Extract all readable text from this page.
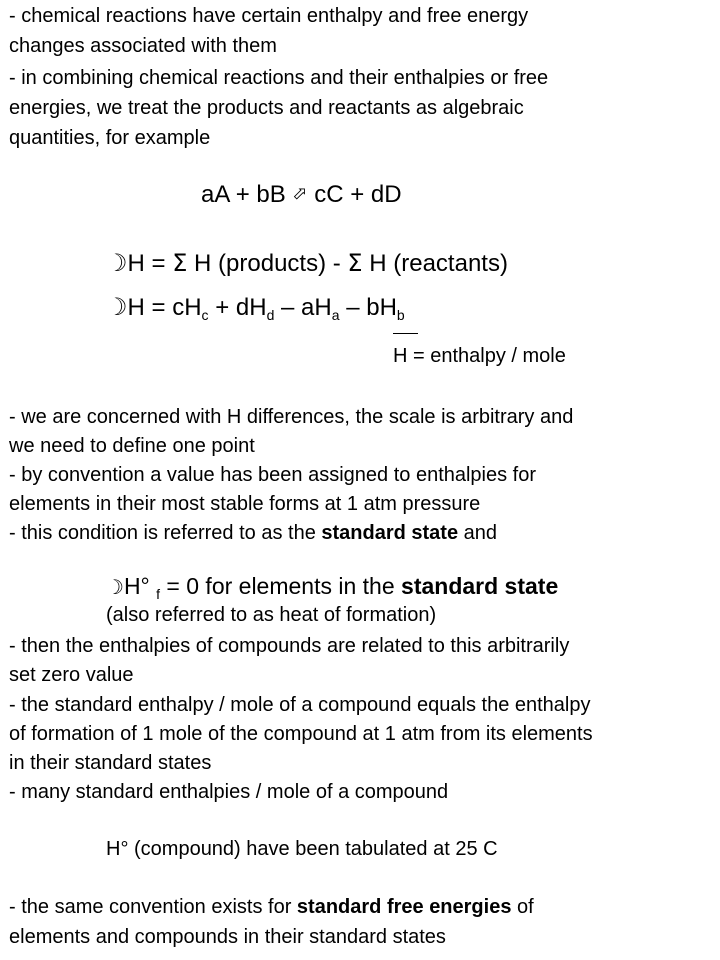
- chemical reactions have certain enthalpy and free energy
changes associated with them
- in combining chemical reactions and their enthalpies or free
energies, we treat the products and reactants as algebraic
quantities, for example
aA + bB ⬀ cC + dD
☽H = Σ H (products) - Σ H (reactants)
☽H = $cH_c + dH_d - aH_a - bH_b$
H = enthalpy / mole
- we are concerned with H differences, the scale is arbitrary and
we need to define one point
- by convention a value has been assigned to enthalpies for
elements in their most stable forms at 1 atm pressure
- this condition is referred to as the standard state and
☽H° $_f$ = 0 for elements in the standard state
(also referred to as heat of formation)
- then the enthalpies of compounds are related to this arbitrarily
set zero value
- the standard enthalpy / mole of a compound equals the enthalpy
of formation of 1 mole of the compound at 1 atm from its elements
in their standard states
- many standard enthalpies / mole of a compound
H° (compound) have been tabulated at 25 C
- the same convention exists for standard free energies of
elements and compounds in their standard states
